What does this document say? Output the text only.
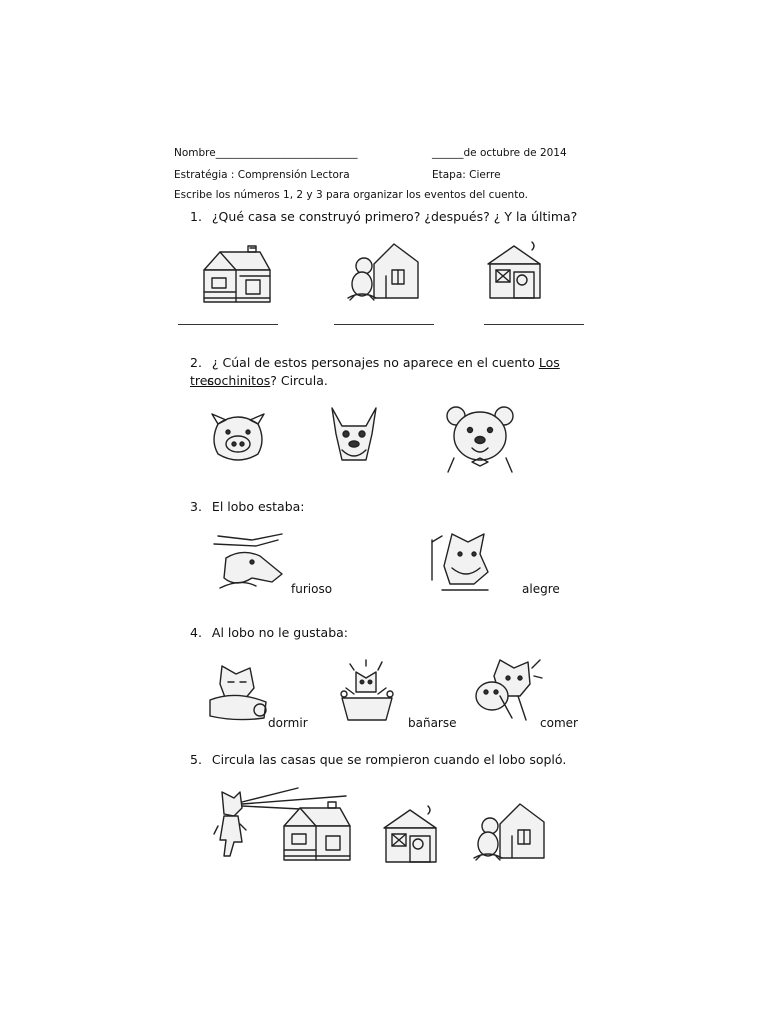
Nombre___________________________	______de octubre de 2014
Estratégia : Comprensión Lectora	Etapa: Cierre
Escribe los números 1, 2 y 3 para organizar los eventos del cuento.
1. ¿Qué casa se construyó primero? ¿después? ¿ Y la última?
2. ¿ Cúal de estos personajes no aparece en el cuento Los tres
cochinitos? Circula.
3. El lobo estaba:
furioso	alegre
4. Al lobo no le gustaba:
dormir	bañarse	comer
5. Circula las casas que se rompieron cuando el lobo sopló.
